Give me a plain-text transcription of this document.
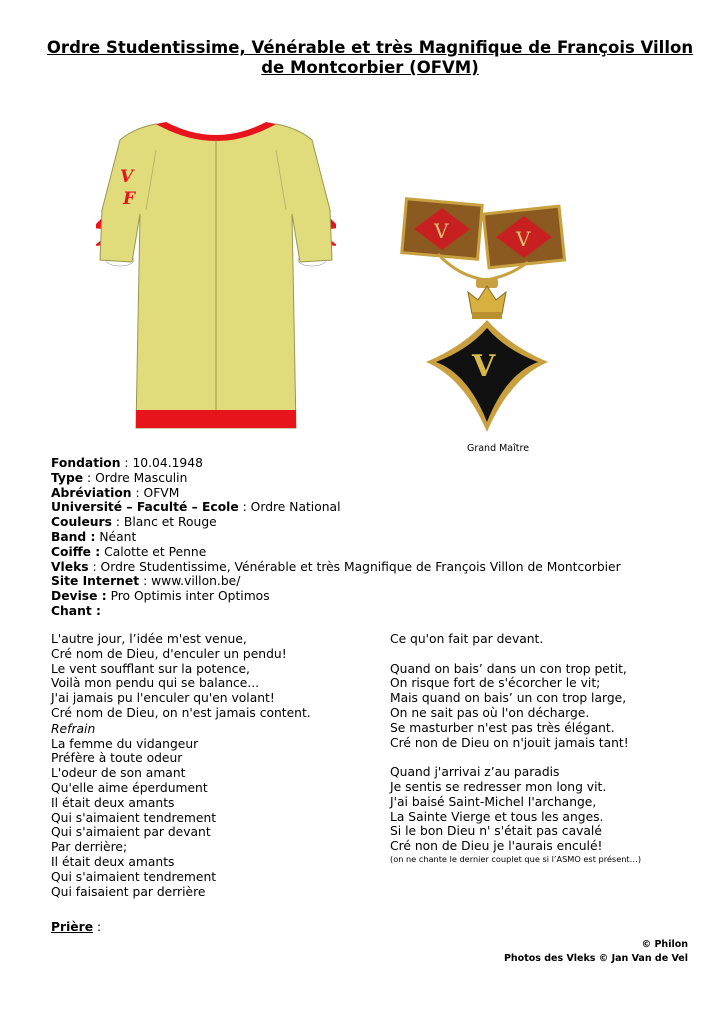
Ordre Studentissime, Vénérable et très Magnifique de François Villon de Montcorbier (OFVM)
V
F
V	V
V
Grand Maître
Fondation : 10.04.1948
Type : Ordre Masculin
Abréviation : OFVM
Université – Faculté – Ecole : Ordre National
Couleurs : Blanc et Rouge
Band : Néant
Coiffe : Calotte et Penne
Vleks : Ordre Studentissime, Vénérable et très Magnifique de François Villon de Montcorbier
Site Internet : www.villon.be/
Devise : Pro Optimis inter Optimos
Chant :
L'autre jour, l’idée m'est venue,
Cré nom de Dieu, d'enculer un pendu!
Le vent soufflant sur la potence,
Voilà mon pendu qui se balance...
J'ai jamais pu l'enculer qu'en volant!
Cré nom de Dieu, on n'est jamais content.
Refrain
La femme du vidangeur
Préfère à toute odeur
L'odeur de son amant
Qu'elle aime éperdument
Il était deux amants
Qui s'aimaient tendrement
Qui s'aimaient par devant
Par derrière;
Il était deux amants
Qui s'aimaient tendrement
Qui faisaient par derrière
Ce qu'on fait par devant.
Quand on bais’ dans un con trop petit,
On risque fort de s'écorcher le vit;
Mais quand on bais’ un con trop large,
On ne sait pas où l'on décharge.
Se masturber n'est pas très élégant.
Cré non de Dieu on n'jouit jamais tant!
Quand j'arrivai z’au paradis
Je sentis se redresser mon long vit.
J'ai baisé Saint-Michel I'archange,
La Sainte Vierge et tous les anges.
Si le bon Dieu n' s'était pas cavalé
Cré non de Dieu je l'aurais enculé!
(on ne chante le dernier couplet que si l’ASMO est présent…)
Prière :
© Philon
Photos des Vleks © Jan Van de Vel
